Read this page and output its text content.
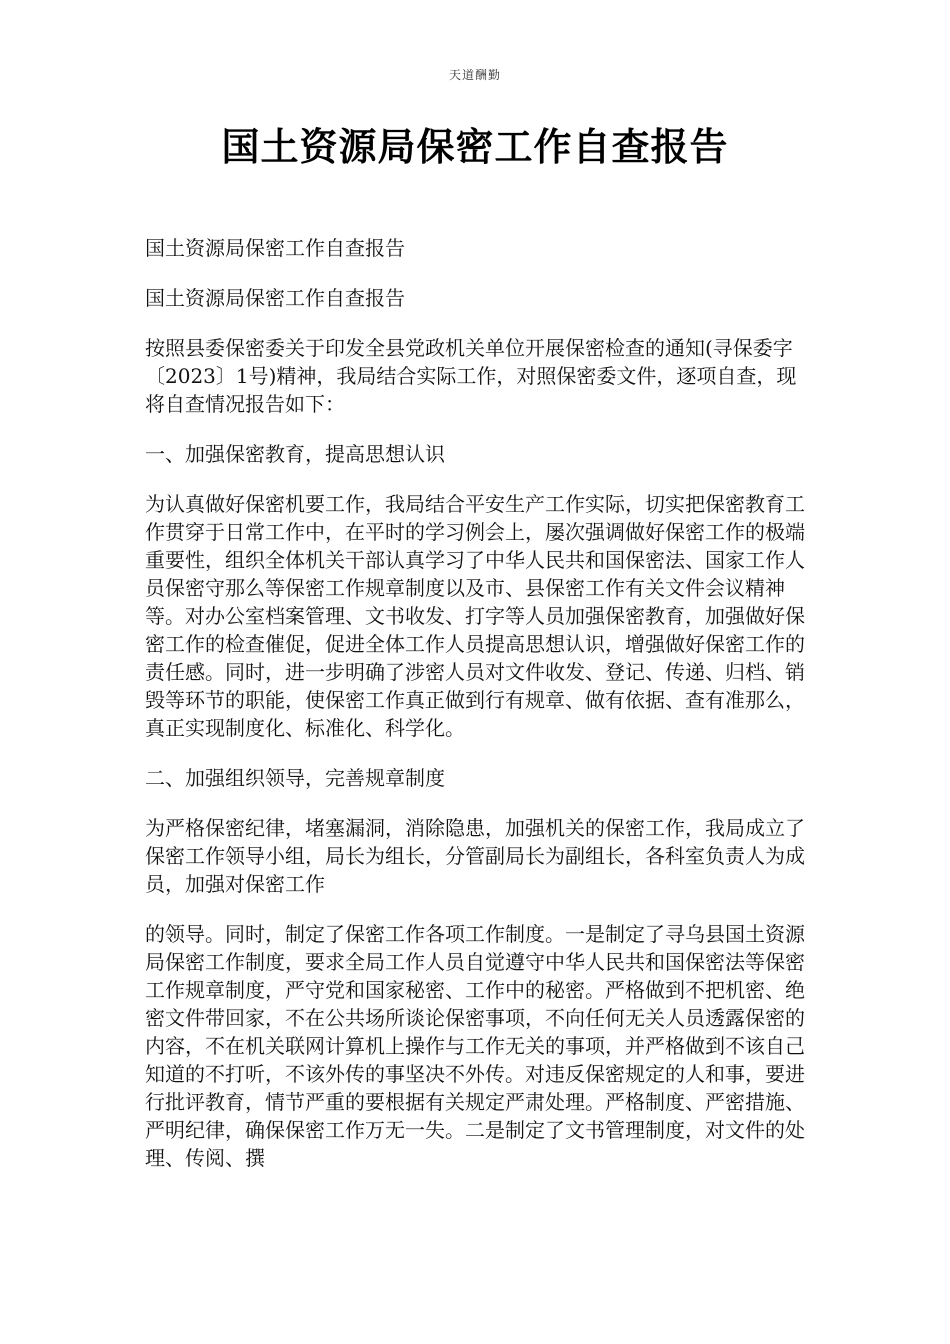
天道酬勤
国土资源局保密工作自查报告

国土资源局保密工作自查报告

国土资源局保密工作自查报告

按照县委保密委关于印发全县党政机关单位开展保密检查的通知(寻保委字〔2023〕1号)精神，我局结合实际工作，对照保密委文件，逐项自查，现将自查情况报告如下：

一、加强保密教育，提高思想认识

为认真做好保密机要工作，我局结合平安生产工作实际，切实把保密教育工作贯穿于日常工作中，在平时的学习例会上，屡次强调做好保密工作的极端重要性，组织全体机关干部认真学习了中华人民共和国保密法、国家工作人员保密守那么等保密工作规章制度以及市、县保密工作有关文件会议精神等。对办公室档案管理、文书收发、打字等人员加强保密教育，加强做好保密工作的检查催促，促进全体工作人员提高思想认识，增强做好保密工作的责任感。同时，进一步明确了涉密人员对文件收发、登记、传递、归档、销毁等环节的职能，使保密工作真正做到行有规章、做有依据、查有准那么，真正实现制度化、标准化、科学化。

二、加强组织领导，完善规章制度

为严格保密纪律，堵塞漏洞，消除隐患，加强机关的保密工作，我局成立了保密工作领导小组，局长为组长，分管副局长为副组长，各科室负责人为成员，加强对保密工作

的领导。同时，制定了保密工作各项工作制度。一是制定了寻乌县国土资源局保密工作制度，要求全局工作人员自觉遵守中华人民共和国保密法等保密工作规章制度，严守党和国家秘密、工作中的秘密。严格做到不把机密、绝密文件带回家，不在公共场所谈论保密事项，不向任何无关人员透露保密的内容，不在机关联网计算机上操作与工作无关的事项，并严格做到不该自己知道的不打听，不该外传的事坚决不外传。对违反保密规定的人和事，要进行批评教育，情节严重的要根据有关规定严肃处理。严格制度、严密措施、严明纪律，确保保密工作万无一失。二是制定了文书管理制度，对文件的处理、传阅、撰
